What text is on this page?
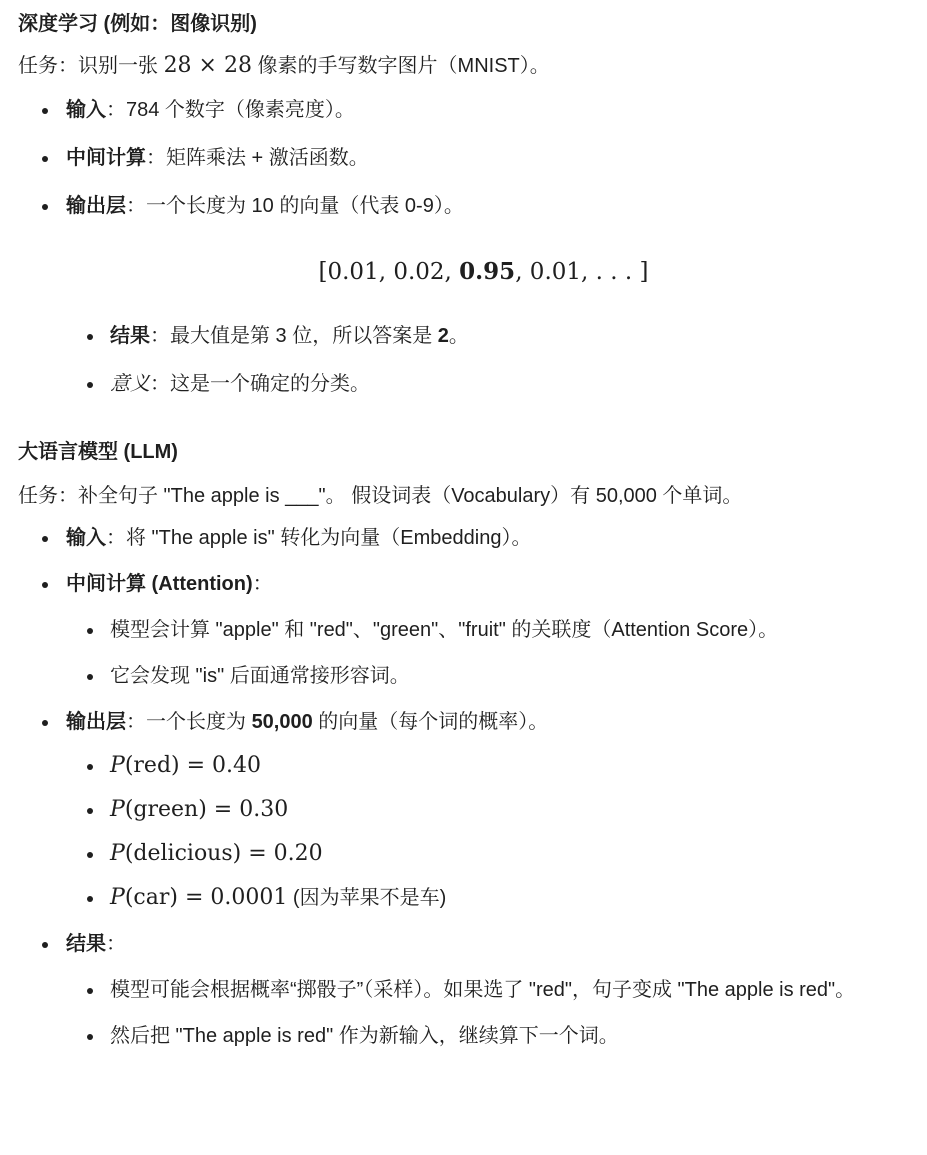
深度学习 (例如：图像识别)

任务：识别一张 28 × 28 像素的手写数字图片（MNIST）。

输入：784 个数字（像素亮度）。
中间计算：矩阵乘法 + 激活函数。
输出层：一个长度为 10 的向量（代表 0-9）。
[0.01, 0.02, 0.95, 0.01, . . . ]
结果：最大值是第 3 位，所以答案是 2。
意义：这是一个确定的分类。

大语言模型 (LLM)

任务：补全句子 "The apple is ___"。 假设词表（Vocabulary）有 50,000 个单词。

输入：将 "The apple is" 转化为向量（Embedding）。
中间计算 (Attention)：
模型会计算 "apple" 和 "red"、"green"、"fruit" 的关联度（Attention Score）。
它会发现 "is" 后面通常接形容词。
输出层：一个长度为 50,000 的向量（每个词的概率）。
P(red) = 0.40
P(green) = 0.30
P(delicious) = 0.20
P(car) = 0.0001 (因为苹果不是车)
结果：
模型可能会根据概率“掷骰子”（采样）。如果选了 "red"，句子变成 "The apple is red"。
然后把 "The apple is red" 作为新输入，继续算下一个词。
